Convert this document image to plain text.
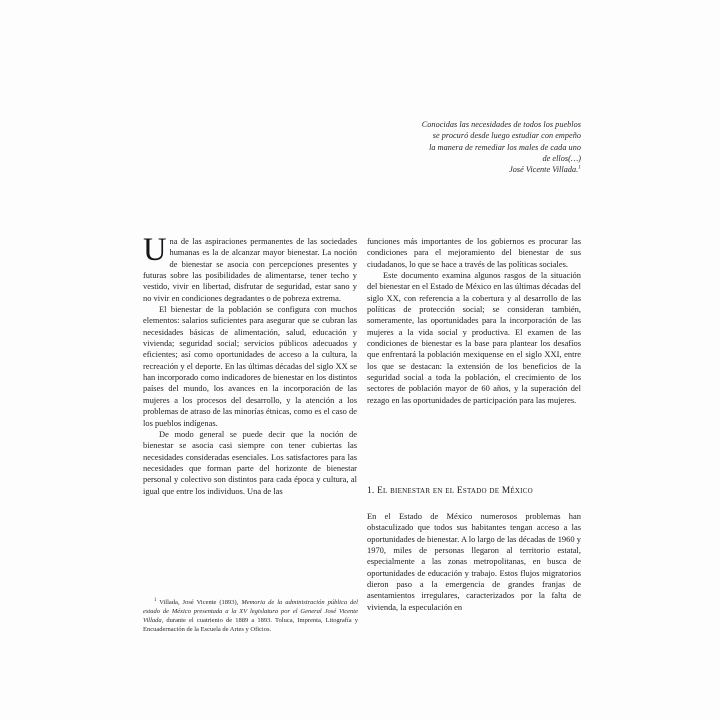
Conocidas las necesidades de todos los pueblos
se procuró desde luego estudiar con empeño
la manera de remediar los males de cada uno
de ellos(…)
José Vicente Villada.$^1$

Una de las aspiraciones permanentes de las sociedades humanas es la de alcanzar mayor bienestar. La noción de bienestar se asocia con percepciones presentes y futuras sobre las posibilidades de alimentarse, tener techo y vestido, vivir en libertad, disfrutar de seguridad, estar sano y no vivir en condiciones degradantes o de pobreza extrema.

El bienestar de la población se configura con muchos elementos: salarios suficientes para asegurar que se cubran las necesidades básicas de alimentación, salud, educación y vivienda; seguridad social; servicios públicos adecuados y eficientes; así como oportunidades de acceso a la cultura, la recreación y el deporte. En las últimas décadas del siglo XX se han incorporado como indicadores de bienestar en los distintos países del mundo, los avances en la incorporación de las mujeres a los procesos del desarrollo, y la atención a los problemas de atraso de las minorías étnicas, como es el caso de los pueblos indígenas.

De modo general se puede decir que la noción de bienestar se asocia casi siempre con tener cubiertas las necesidades consideradas esenciales. Los satisfactores para las necesidades que forman parte del horizonte de bienestar personal y colectivo son distintos para cada época y cultura, al igual que entre los individuos. Una de las

$^1$ Villada, José Vicente (1893), Memoria de la administración pública del estado de México presentada a la XV legislatura por el General José Vicente Villada, durante el cuatrienio de 1889 a 1893. Toluca, Imprenta, Litografía y Encuadernación de la Escuela de Artes y Oficios.

funciones más importantes de los gobiernos es procurar las condiciones para el mejoramiento del bienestar de sus ciudadanos, lo que se hace a través de las políticas sociales.

Este documento examina algunos rasgos de la situación del bienestar en el Estado de México en las últimas décadas del siglo XX, con referencia a la cobertura y al desarrollo de las políticas de protección social; se consideran también, someramente, las oportunidades para la incorporación de las mujeres a la vida social y productiva. El examen de las condiciones de bienestar es la base para plantear los desafíos que enfrentará la población mexiquense en el siglo XXI, entre los que se destacan: la extensión de los beneficios de la seguridad social a toda la población, el crecimiento de los sectores de población mayor de 60 años, y la superación del rezago en las oportunidades de participación para las mujeres.

1. El bienestar en el Estado de México

En el Estado de México numerosos problemas han obstaculizado que todos sus habitantes tengan acceso a las oportunidades de bienestar. A lo largo de las décadas de 1960 y 1970, miles de personas llegaron al territorio estatal, especialmente a las zonas metropolitanas, en busca de oportunidades de educación y trabajo. Estos flujos migratorios dieron paso a la emergencia de grandes franjas de asentamientos irregulares, caracterizados por la falta de vivienda, la especulación en
